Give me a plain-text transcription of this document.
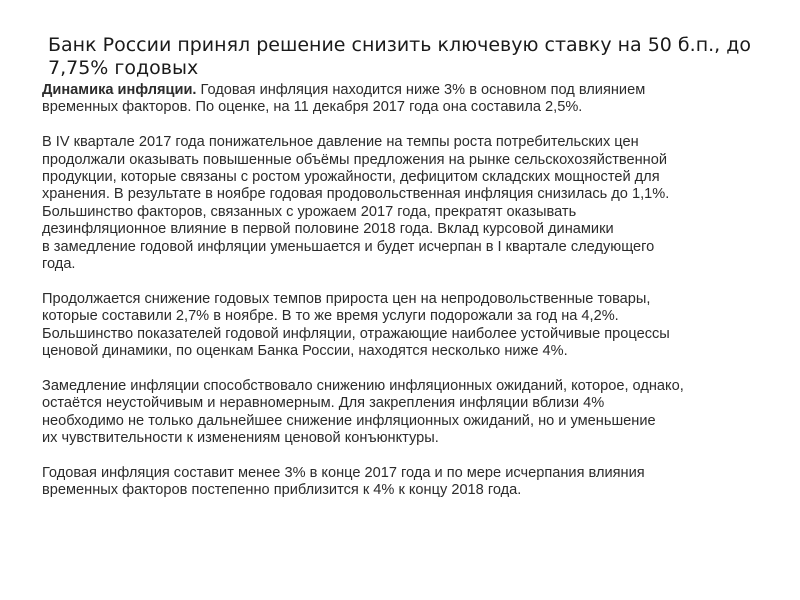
Банк России принял решение снизить ключевую ставку на 50 б.п., до 7,75% годовых

Динамика инфляции. Годовая инфляция находится ниже 3% в основном под влиянием
временных факторов. По оценке, на 11 декабря 2017 года она составила 2,5%.

В IV квартале 2017 года понижательное давление на темпы роста потребительских цен
продолжали оказывать повышенные объёмы предложения на рынке сельскохозяйственной
продукции, которые связаны с ростом урожайности, дефицитом складских мощностей для
хранения. В результате в ноябре годовая продовольственная инфляция снизилась до 1,1%.
Большинство факторов, связанных с урожаем 2017 года, прекратят оказывать
дезинфляционное влияние в первой половине 2018 года. Вклад курсовой динамики
в замедление годовой инфляции уменьшается и будет исчерпан в I квартале следующего
года.

Продолжается снижение годовых темпов прироста цен на непродовольственные товары,
которые составили 2,7% в ноябре. В то же время услуги подорожали за год на 4,2%.
Большинство показателей годовой инфляции, отражающие наиболее устойчивые процессы
ценовой динамики, по оценкам Банка России, находятся несколько ниже 4%.

Замедление инфляции способствовало снижению инфляционных ожиданий, которое, однако,
остаётся неустойчивым и неравномерным. Для закрепления инфляции вблизи 4%
необходимо не только дальнейшее снижение инфляционных ожиданий, но и уменьшение
их чувствительности к изменениям ценовой конъюнктуры.

Годовая инфляция составит менее 3% в конце 2017 года и по мере исчерпания влияния
временных факторов постепенно приблизится к 4% к концу 2018 года.
